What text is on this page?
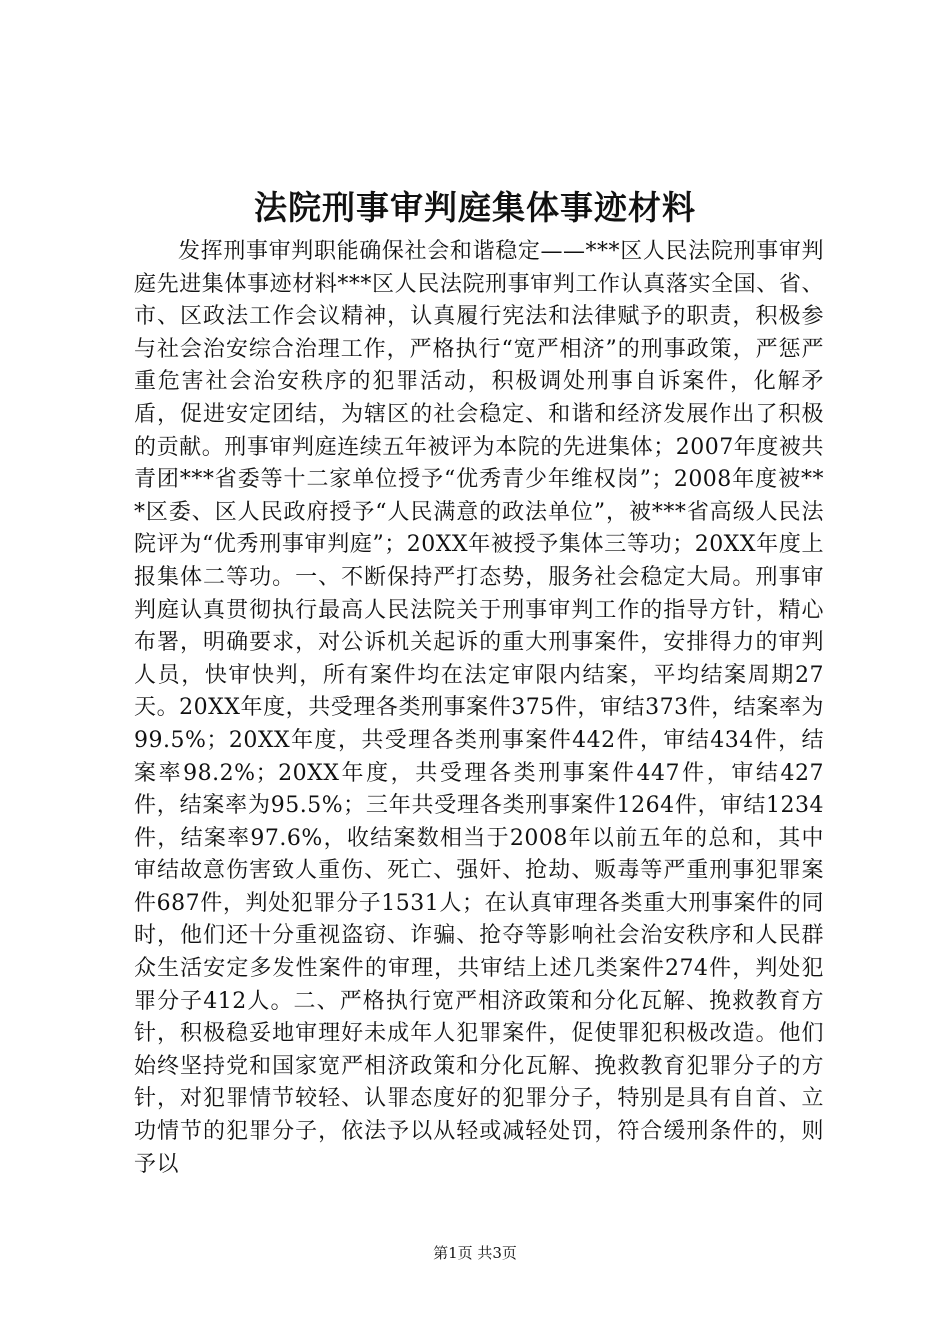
法院刑事审判庭集体事迹材料

发挥刑事审判职能确保社会和谐稳定——***区人民法院刑事审判庭先进集体事迹材料***区人民法院刑事审判工作认真落实全国、省、市、区政法工作会议精神，认真履行宪法和法律赋予的职责，积极参与社会治安综合治理工作，严格执行“宽严相济”的刑事政策，严惩严重危害社会治安秩序的犯罪活动，积极调处刑事自诉案件，化解矛盾，促进安定团结，为辖区的社会稳定、和谐和经济发展作出了积极的贡献。刑事审判庭连续五年被评为本院的先进集体；2007年度被共青团***省委等十二家单位授予“优秀青少年维权岗”；2008年度被***区委、区人民政府授予“人民满意的政法单位”，被***省高级人民法院评为“优秀刑事审判庭”；20XX年被授予集体三等功；20XX年度上报集体二等功。一、不断保持严打态势，服务社会稳定大局。刑事审判庭认真贯彻执行最高人民法院关于刑事审判工作的指导方针，精心布署，明确要求，对公诉机关起诉的重大刑事案件，安排得力的审判人员，快审快判，所有案件均在法定审限内结案，平均结案周期27天。20XX年度，共受理各类刑事案件375件，审结373件，结案率为99.5%；20XX年度，共受理各类刑事案件442件，审结434件，结案率98.2%；20XX年度，共受理各类刑事案件447件，审结427件，结案率为95.5%；三年共受理各类刑事案件1264件，审结1234件，结案率97.6%，收结案数相当于2008年以前五年的总和，其中审结故意伤害致人重伤、死亡、强奸、抢劫、贩毒等严重刑事犯罪案件687件，判处犯罪分子1531人；在认真审理各类重大刑事案件的同时，他们还十分重视盗窃、诈骗、抢夺等影响社会治安秩序和人民群众生活安定多发性案件的审理，共审结上述几类案件274件，判处犯罪分子412人。二、严格执行宽严相济政策和分化瓦解、挽救教育方针，积极稳妥地审理好未成年人犯罪案件，促使罪犯积极改造。他们始终坚持党和国家宽严相济政策和分化瓦解、挽救教育犯罪分子的方针，对犯罪情节较轻、认罪态度好的犯罪分子，特别是具有自首、立功情节的犯罪分子，依法予以从轻或减轻处罚，符合缓刑条件的，则予以

第1页 共3页
